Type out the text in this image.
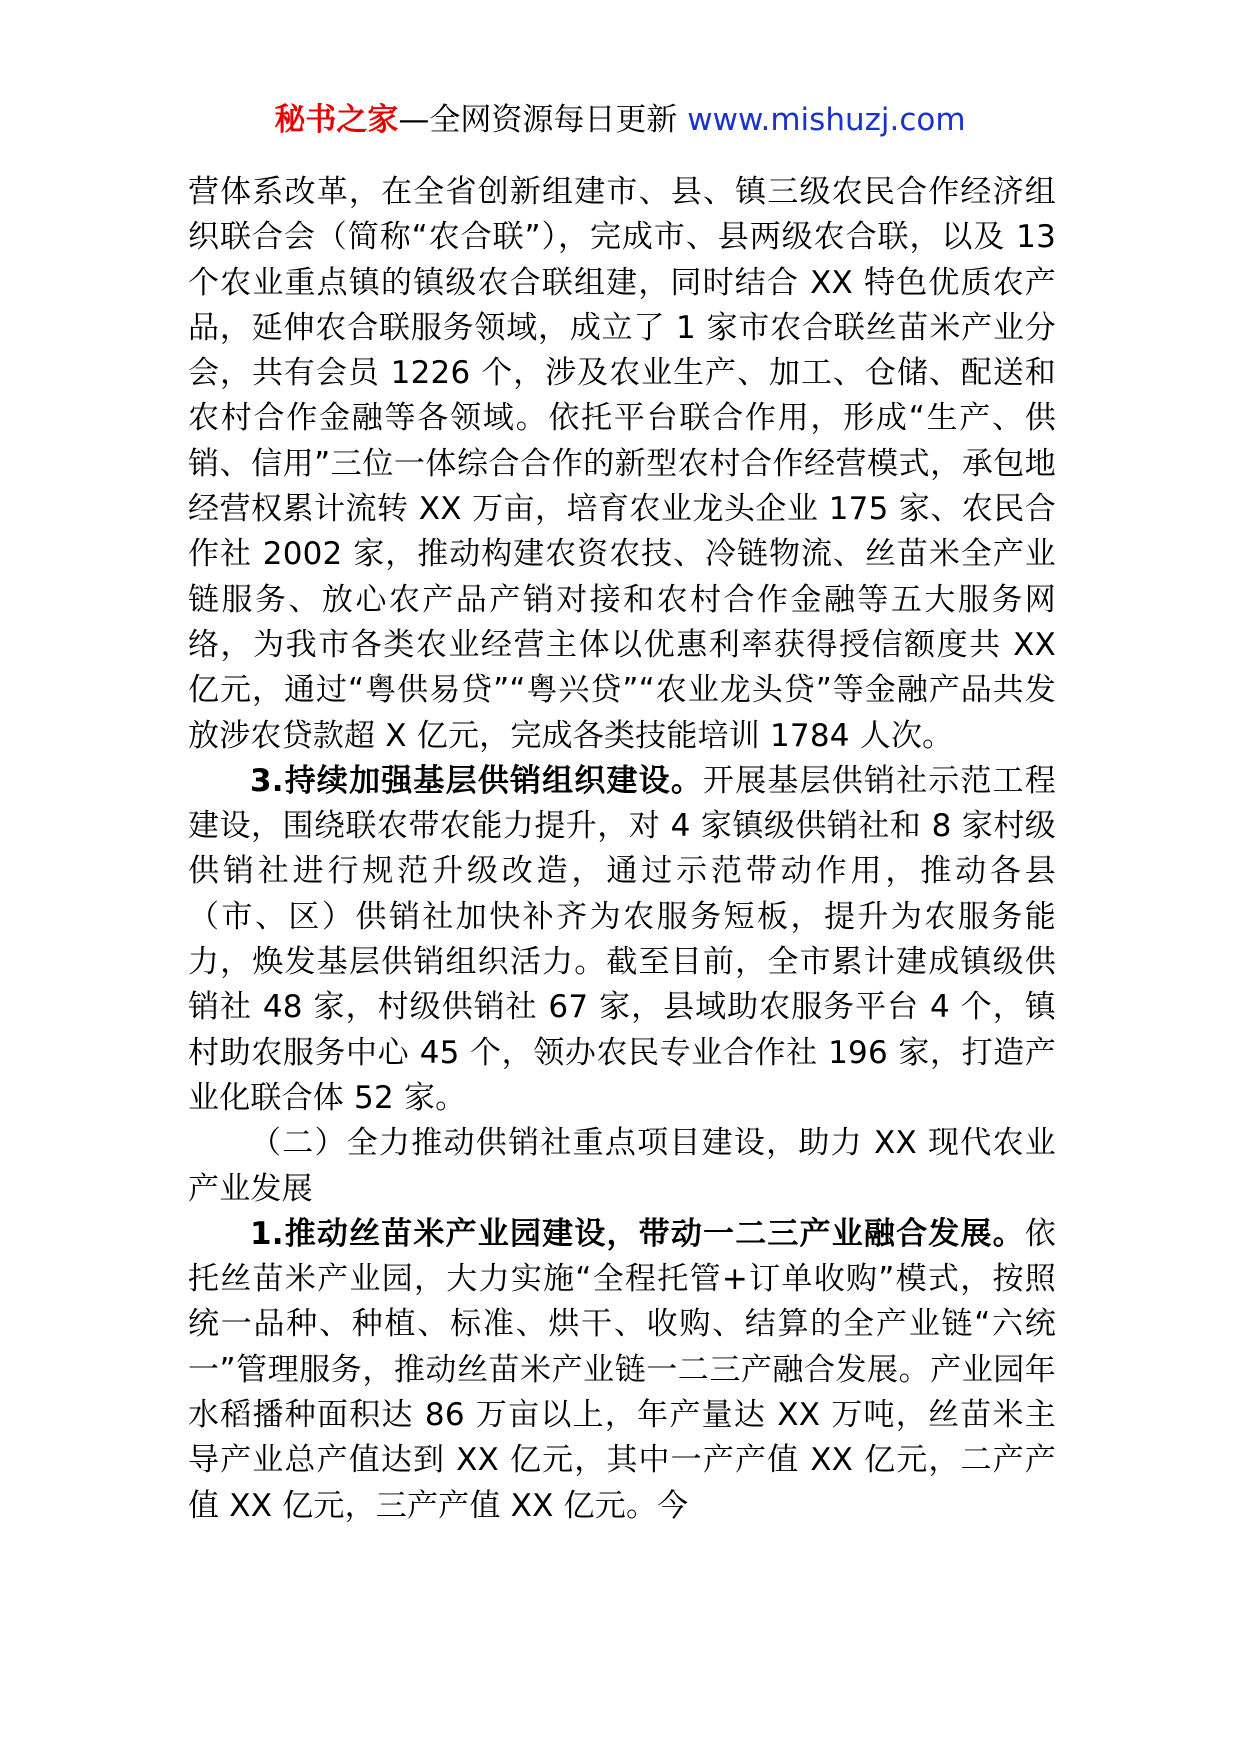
秘书之家—全网资源每日更新 www.mishuzj.com

营体系改革，在全省创新组建市、县、镇三级农民合作经济组织联合会（简称“农合联”），完成市、县两级农合联，以及 13 个农业重点镇的镇级农合联组建，同时结合 XX 特色优质农产品，延伸农合联服务领域，成立了 1 家市农合联丝苗米产业分会，共有会员 1226 个，涉及农业生产、加工、仓储、配送和农村合作金融等各领域。依托平台联合作用，形成“生产、供销、信用”三位一体综合合作的新型农村合作经营模式，承包地经营权累计流转 XX 万亩，培育农业龙头企业 175 家、农民合作社 2002 家，推动构建农资农技、冷链物流、丝苗米全产业链服务、放心农产品产销对接和农村合作金融等五大服务网络，为我市各类农业经营主体以优惠利率获得授信额度共 XX 亿元，通过“粤供易贷”“粤兴贷”“农业龙头贷”等金融产品共发放涉农贷款超 X 亿元，完成各类技能培训 1784 人次。

3.持续加强基层供销组织建设。开展基层供销社示范工程建设，围绕联农带农能力提升，对 4 家镇级供销社和 8 家村级供销社进行规范升级改造，通过示范带动作用，推动各县（市、区）供销社加快补齐为农服务短板，提升为农服务能力，焕发基层供销组织活力。截至目前，全市累计建成镇级供销社 48 家，村级供销社 67 家，县域助农服务平台 4 个，镇村助农服务中心 45 个，领办农民专业合作社 196 家，打造产业化联合体 52 家。

（二）全力推动供销社重点项目建设，助力 XX 现代农业产业发展

1.推动丝苗米产业园建设，带动一二三产业融合发展。依托丝苗米产业园，大力实施“全程托管+订单收购”模式，按照统一品种、种植、标准、烘干、收购、结算的全产业链“六统一”管理服务，推动丝苗米产业链一二三产融合发展。产业园年水稻播种面积达 86 万亩以上，年产量达 XX 万吨，丝苗米主导产业总产值达到 XX 亿元，其中一产产值 XX 亿元，二产产值 XX 亿元，三产产值 XX 亿元。今
